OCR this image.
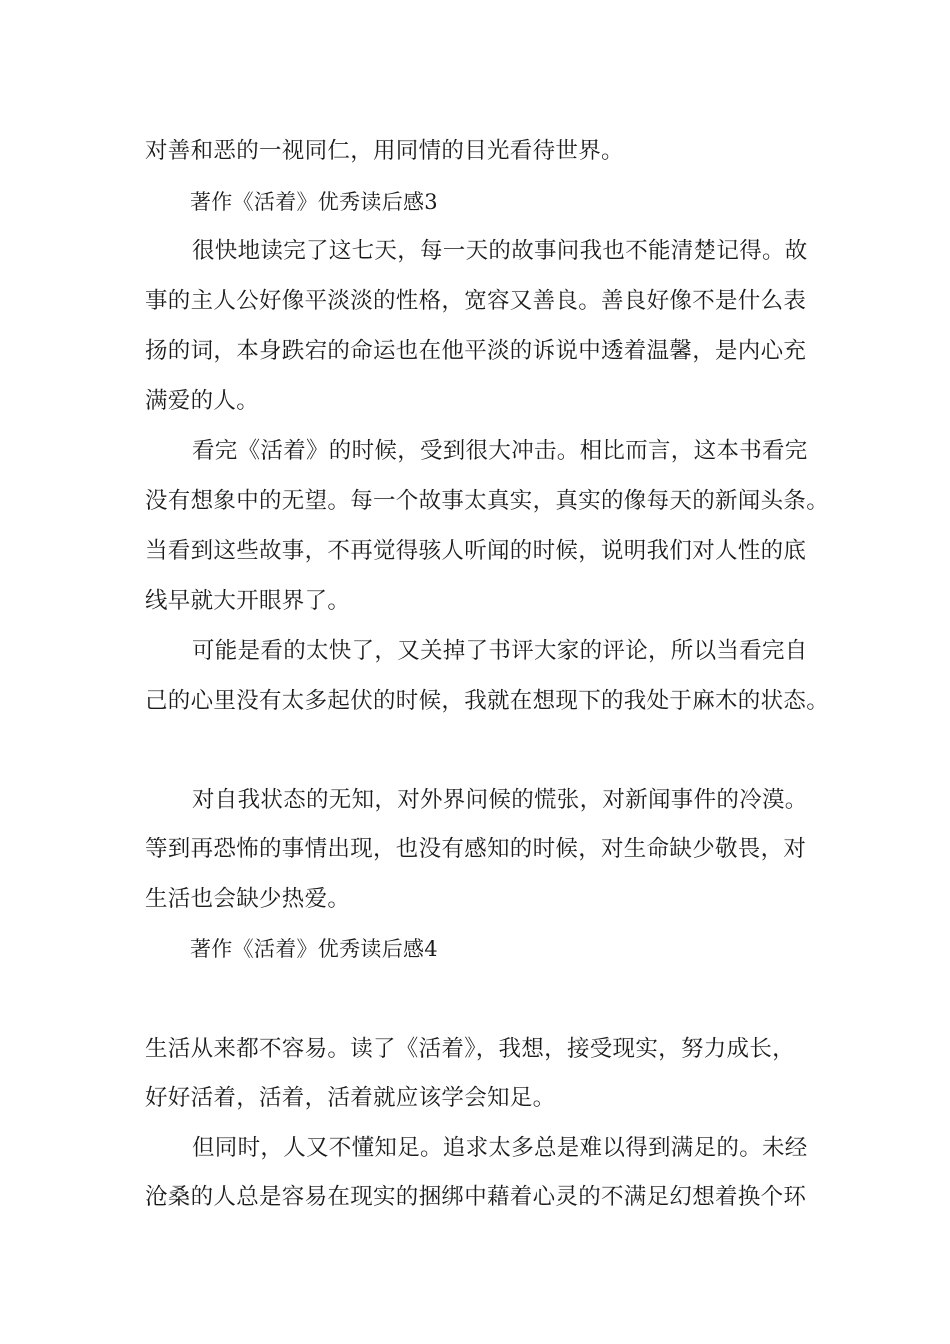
对善和恶的一视同仁，用同情的目光看待世界。
著作《活着》优秀读后感3
很快地读完了这七天，每一天的故事问我也不能清楚记得。故
事的主人公好像平淡淡的性格，宽容又善良。善良好像不是什么表
扬的词，本身跌宕的命运也在他平淡的诉说中透着温馨，是内心充
满爱的人。
看完《活着》的时候，受到很大冲击。相比而言，这本书看完
没有想象中的无望。每一个故事太真实，真实的像每天的新闻头条。
当看到这些故事，不再觉得骇人听闻的时候，说明我们对人性的底
线早就大开眼界了。
可能是看的太快了，又关掉了书评大家的评论，所以当看完自
己的心里没有太多起伏的时候，我就在想现下的我处于麻木的状态。
对自我状态的无知，对外界问候的慌张，对新闻事件的冷漠。
等到再恐怖的事情出现，也没有感知的时候，对生命缺少敬畏，对
生活也会缺少热爱。
著作《活着》优秀读后感4
生活从来都不容易。读了《活着》，我想，接受现实，努力成长，
好好活着，活着，活着就应该学会知足。
但同时，人又不懂知足。追求太多总是难以得到满足的。未经
沧桑的人总是容易在现实的捆绑中藉着心灵的不满足幻想着换个环
